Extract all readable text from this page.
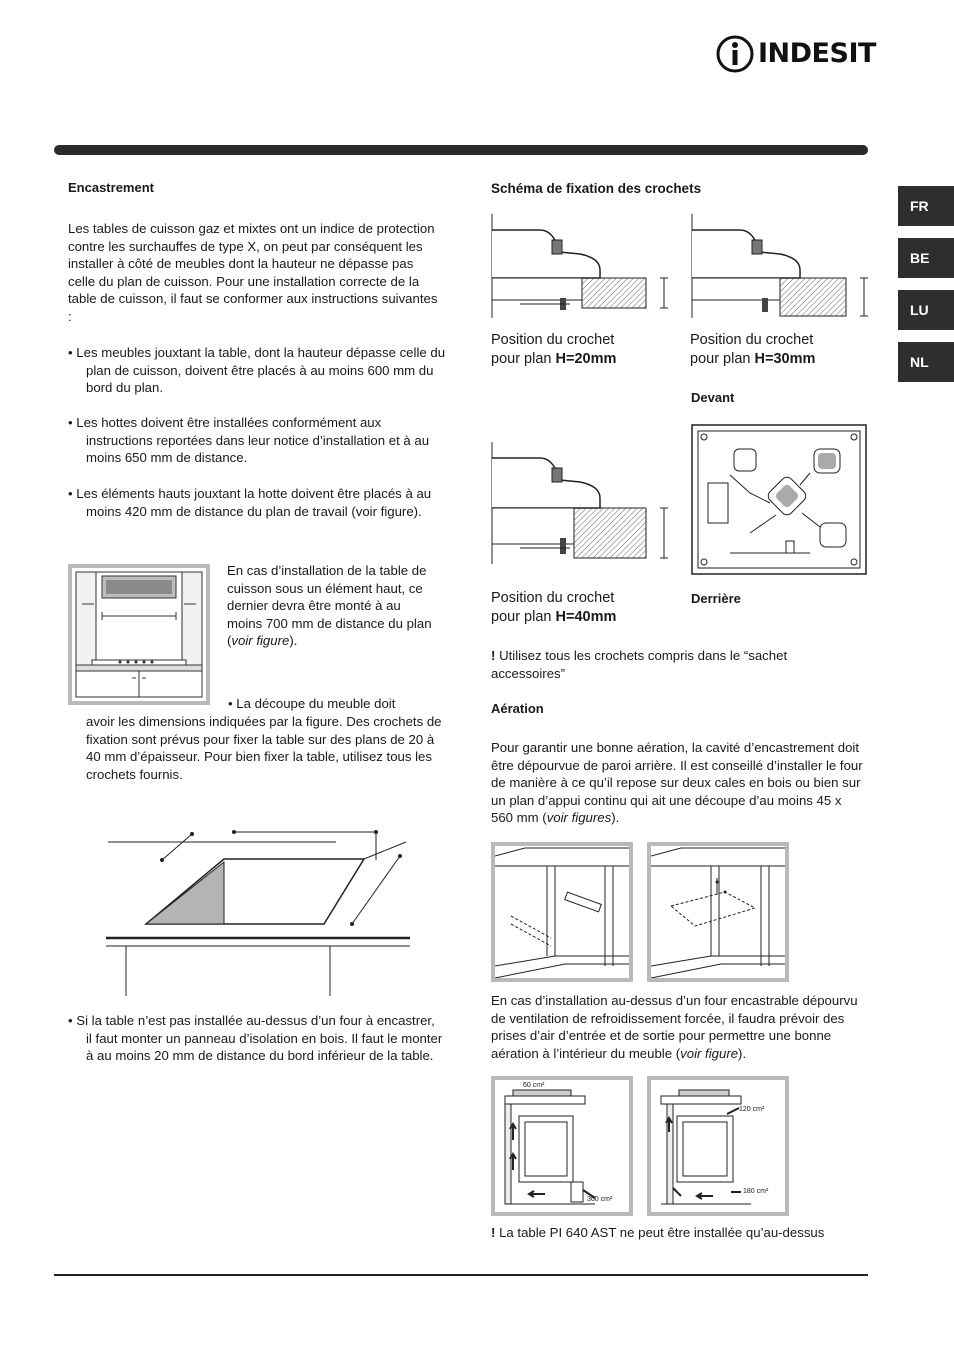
INDESIT
FR
BE
LU
NL
Encastrement
Les tables de cuisson gaz et mixtes ont un indice de protection contre les surchauffes de type X, on peut par conséquent les installer à côté de meubles dont la hauteur ne dépasse pas celle du plan de cuisson. Pour une installation correcte de la table de cuisson, il faut se conformer aux instructions suivantes :
• Les meubles jouxtant la table, dont la hauteur dépasse celle du plan de cuisson, doivent être placés à au moins 600 mm du bord du plan.
• Les hottes doivent être installées conformément aux instructions reportées dans leur notice d’installation et à au moins 650 mm de distance.
• Les éléments hauts jouxtant la hotte doivent être placés à au moins 420 mm de distance du plan de travail (voir figure).
En cas d’installation de la table de cuisson sous un élément haut, ce dernier devra être monté à au moins 700 mm de distance du plan (voir figure).
• La découpe du meuble doit
avoir les dimensions indiquées par la figure. Des crochets de fixation sont prévus pour fixer la table sur des plans de 20 à 40 mm d’épaisseur. Pour bien fixer la table, utilisez tous les crochets fournis.
• Si la table n’est pas installée au-dessus d’un four à encastrer, il faut monter un panneau d’isolation en bois. Il faut le monter à au moins 20 mm de distance du bord inférieur de la table.
Schéma de fixation des crochets
Position du crochet
pour plan H=20mm
Position du crochet
pour plan H=30mm
Position du crochet
pour plan H=40mm
Devant
Derrière
! Utilisez tous les crochets compris dans le “sachet accessoires”
Aération
Pour garantir une bonne aération, la cavité d’encastrement doit être dépourvue de paroi arrière. Il est conseillé d’installer le four de manière à ce qu’il repose sur deux cales en bois ou bien sur un plan d’appui continu qui ait une découpe d’au moins 45 x 560 mm (voir figures).
En cas d’installation au-dessus d’un four encastrable dépourvu de ventilation de refroidissement forcée, il faudra prévoir des prises d’air d’entrée et de sortie pour permettre une bonne aération à l’intérieur du meuble (voir figure).
60 cm²
360 cm²
120 cm²
180 cm²
! La table PI 640 AST ne peut être installée qu’au-dessus
